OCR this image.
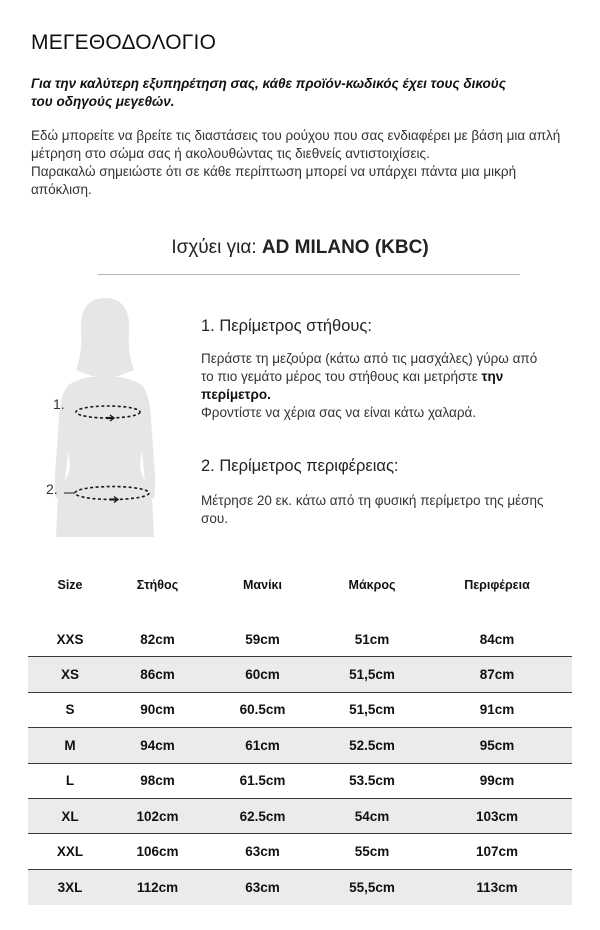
ΜΕΓΕΘΟΔΟΛΟΓΙΟ
Για την καλύτερη εξυπηρέτηση σας, κάθε προϊόν-κωδικός έχει τους δικούς του οδηγούς μεγεθών.

Εδώ μπορείτε να βρείτε τις διαστάσεις του ρούχου που σας ενδιαφέρει με βάση μια απλή μέτρηση στο σώμα σας ή ακολουθώντας τις διεθνείς αντιστοιχίσεις.

Παρακαλώ σημειώστε ότι σε κάθε περίπτωση μπορεί να υπάρχει πάντα μια μικρή απόκλιση.

Ισχύει για: AD MILANO (KBC)
1.
2.
1. Περίμετρος στήθους:
Περάστε τη μεζούρα (κάτω από τις μασχάλες) γύρω από το πιο γεμάτο μέρος του στήθους και μετρήστε την περίμετρο.
Φροντίστε να χέρια σας να είναι κάτω χαλαρά.
2. Περίμετρος περιφέρειας:
Μέτρησε 20 εκ. κάτω από τη φυσική περίμετρο της μέσης σου.
Size	Στήθος	Μανίκι	Μάκρος	Περιφέρεια
XXS	82cm	59cm	51cm	84cm
XS	86cm	60cm	51,5cm	87cm
S	90cm	60.5cm	51,5cm	91cm
M	94cm	61cm	52.5cm	95cm
L	98cm	61.5cm	53.5cm	99cm
XL	102cm	62.5cm	54cm	103cm
XXL	106cm	63cm	55cm	107cm
3XL	112cm	63cm	55,5cm	113cm
